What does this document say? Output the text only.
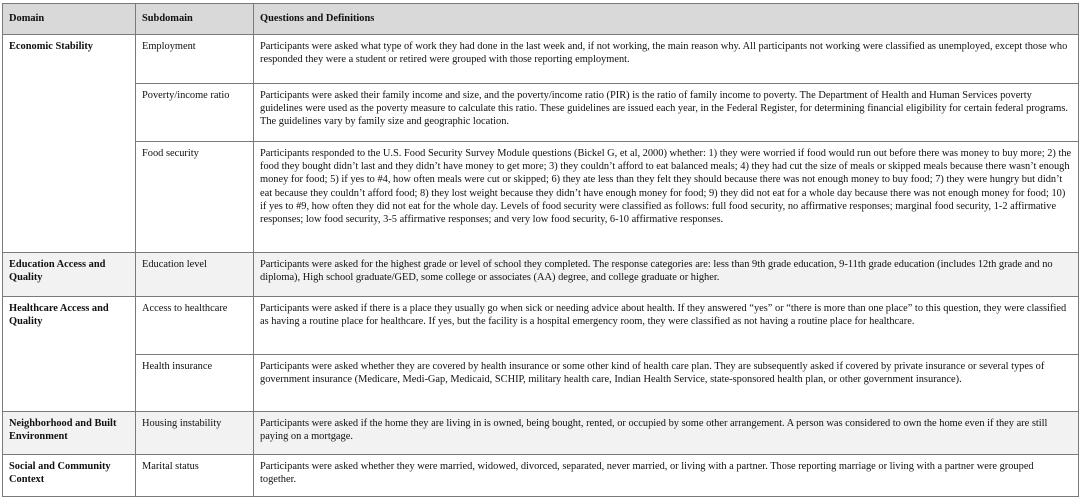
Domain	Subdomain	Questions and Definitions
Economic Stability	Employment	Participants were asked what type of work they had done in the last week and, if not working, the main reason why. All participants not working were classified as unemployed, except those who responded they were a student or retired were grouped with those reporting employment.
	Poverty/income ratio	Participants were asked their family income and size, and the poverty/income ratio (PIR) is the ratio of family income to poverty. The Department of Health and Human Services poverty guidelines were used as the poverty measure to calculate this ratio. These guidelines are issued each year, in the Federal Register, for determining financial eligibility for certain federal programs. The guidelines vary by family size and geographic location.
	Food security	Participants responded to the U.S. Food Security Survey Module questions (Bickel G, et al, 2000) whether: 1) they were worried if food would run out before there was money to buy more; 2) the food they bought didn’t last and they didn’t have money to get more; 3) they couldn’t afford to eat balanced meals; 4) they had cut the size of meals or skipped meals because there wasn’t enough money for food; 5) if yes to #4, how often meals were cut or skipped; 6) they ate less than they felt they should because there was not enough money to buy food; 7) they were hungry but didn’t eat because they couldn’t afford food; 8) they lost weight because they didn’t have enough money for food; 9) they did not eat for a whole day because there was not enough money for food; 10) if yes to #9, how often they did not eat for the whole day. Levels of food security were classified as follows: full food security, no affirmative responses; marginal food security, 1-2 affirmative responses; low food security, 3-5 affirmative responses; and very low food security, 6-10 affirmative responses.
Education Access and Quality	Education level	Participants were asked for the highest grade or level of school they completed. The response categories are: less than 9th grade education, 9-11th grade education (includes 12th grade and no diploma), High school graduate/GED, some college or associates (AA) degree, and college graduate or higher.
Healthcare Access and Quality	Access to healthcare	Participants were asked if there is a place they usually go when sick or needing advice about health. If they answered “yes” or “there is more than one place” to this question, they were classified as having a routine place for healthcare. If yes, but the facility is a hospital emergency room, they were classified as not having a routine place for healthcare.
	Health insurance	Participants were asked whether they are covered by health insurance or some other kind of health care plan. They are subsequently asked if covered by private insurance or several types of government insurance (Medicare, Medi-Gap, Medicaid, SCHIP, military health care, Indian Health Service, state-sponsored health plan, or other government insurance).
Neighborhood and Built Environment	Housing instability	Participants were asked if the home they are living in is owned, being bought, rented, or occupied by some other arrangement. A person was considered to own the home even if they are still paying on a mortgage.
Social and Community Context	Marital status	Participants were asked whether they were married, widowed, divorced, separated, never married, or living with a partner. Those reporting marriage or living with a partner were grouped together.
